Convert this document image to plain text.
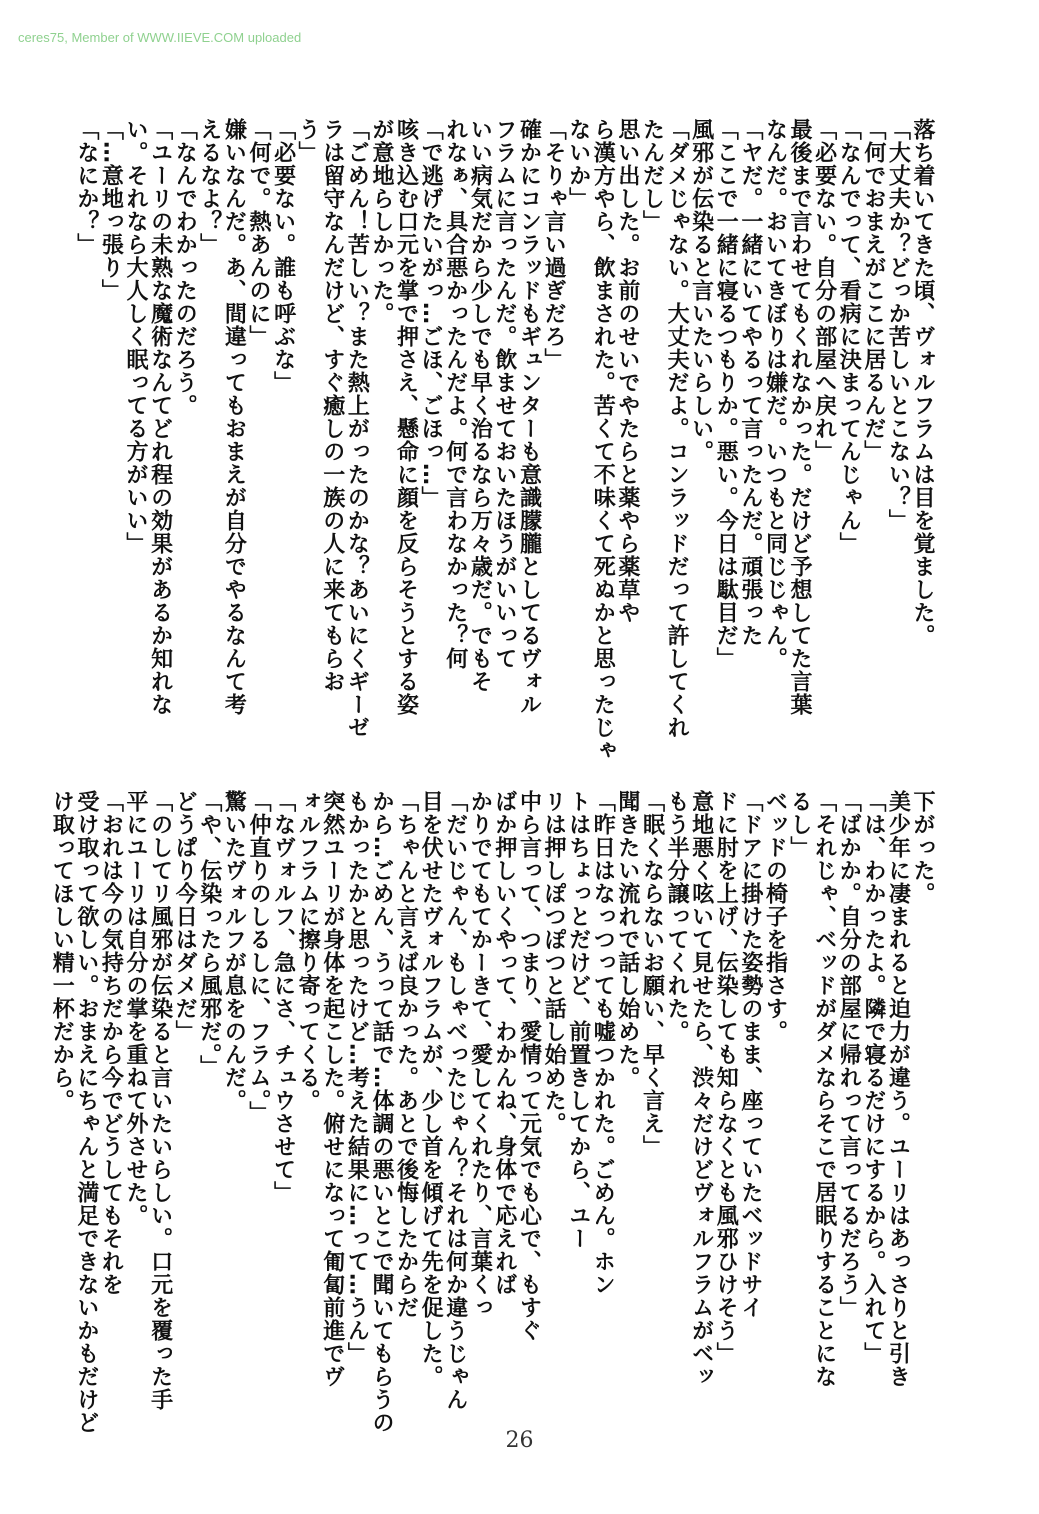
ceres75, Member of WWW.IIEVE.COM uploaded
落ち着いてきた頃、ヴォルフラムは目を覚ました。
「大丈夫か？どっか苦しいとこない？」
「何でおまえがここに居るんだ」
「なんでって、看病に決まってんじゃん」
「必要ない。自分の部屋へ戻れ」
最後まで言わせてもくれなかった。だけど予想してた言葉
なんだ。おいてきぼりは嫌だ。いつもと同じじゃん。
「ヤだ。一緒にいてやるって言ったんだ。頑張った
「ここで一緒に寝るつもりか。悪い。今日は駄目だ」
風邪が伝染ると言いたいらしい。
「ダメじゃない。大丈夫だよ。コンラッドだって許してくれ
たんだし」
思い出した。お前のせいでやたらと薬やら薬草や
ら漢方やら、飲まされた。苦くて不味くて死ぬかと思ったじゃ
ないか」
「そりゃ言い過ぎだろ」
確かにコンラッドもギュンターも意識朦朧としてるヴォル
フラムに言ったんだ。飲ませておいたほうがいいって
いい病気だから少しでも早く治るなら万々歳だ。でもそ
れなぁ、具合悪かったんだよ。何で言わなかった？何
「で逃げたいがっ…ごほ、ごほっ…」
咳き込む口元を掌で押さえ、懸命に顔を反らそうとする姿
が意地らしかった。
「ごめん！苦しい？また熱上がったのかな？あいにくギーゼ
ラは留守なんだけど、すぐ癒しの一族の人に来てもらお
う」
「必要ない。誰も呼ぶな」
「何で。熱あんのに」
嫌いなんだ。あ、間違ってもおまえが自分でやるなんて考
えるなよ？」
「なんでわかったのだろう。
「ユーリの未熟な魔術なんてどれ程の効果があるか知れな
い。それなら大人しく眠ってる方がいい」
「…意地っ張り」
「なにか？」
下がった。
美少年に凄まれると迫力が違う。ユーリはあっさりと引き
「は、わかったよ。隣で寝るだけにするから。入れて」
「ばかか。自分の部屋に帰れって言ってるだろう」
「それじゃ、ベッドがダメならそこで居眠りすることにな
るし」
ベッドの椅子を指さす。
「ドアに掛けた姿勢のまま、座っていたベッドサイ
ドに肘を上げ、伝染しても知らなくとも風邪ひけそう」
意地悪く呟いて見せたら、渋々だけどヴォルフラムがベッ
もう半分譲ってくれた。
「眠くならないお願い、早く言え」
聞きたい流れで話し始めた。
「昨日はなっつっても嘘つかれた。ごめん。ホン
トはちょっとだけど、前置きしてから、ユー
リは押しぽつぽつと話し始めた。
中ら言って、つまり、愛情って元気でも心で、もすぐ
ばか押しいくやって、わかんね、身体で応えれば
かりでてもてかーきて、愛してくれたり、言葉くっ
「だいじゃん、もしゃべったじゃん？それは何か違うじゃん
目を伏せたヴォルフラムが、少し首を傾げて先を促した。
「ちゃんと言えば良かった。あとで後悔したからだ
から…ごめん、うって話で…体調の悪いとこで聞いてもらうの
もかったかと思ったけど…考えた結果に…って…うん」
突然ユーリが身体を起こした。俯せになって匍匐前進でヴ
ォルフラムに擦り寄ってくる。
「なヴォルフ、急にさ、チュウさせて」
「仲直りのしるしに、フラム。」
驚いたヴォルフが息をのんだ。
「や、伝染ったら風邪だ。」
どうぱり今日はダメだ」
「のしてリ風邪が伝染ると言いたいらしい。口元を覆った手
平にユーリは自分の掌を重ねて外させた。
「おれは今の気持ちだから今でどうしてもそれを
受け取って欲しい。おまえにちゃんと満足できないかもだけど
け取ってほしい精一杯だから。
26
